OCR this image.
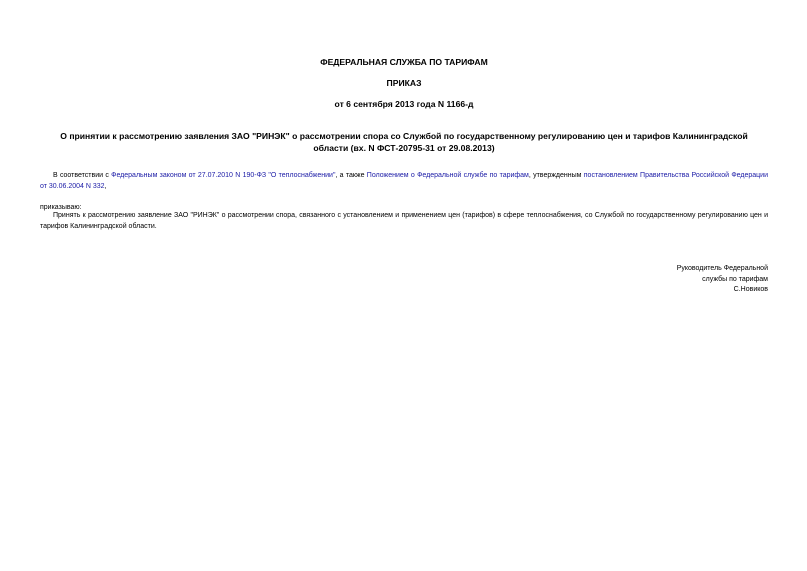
ФЕДЕРАЛЬНАЯ СЛУЖБА ПО ТАРИФАМ
ПРИКАЗ
от 6 сентября 2013 года N 1166-д
О принятии к рассмотрению заявления ЗАО "РИНЭК" о рассмотрении спора со Службой по государственному регулированию цен и тарифов Калининградской
области (вх. N ФСТ-20795-31 от 29.08.2013)
В соответствии с Федеральным законом от 27.07.2010 N 190-ФЗ "О теплоснабжении", а также Положением о Федеральной службе по тарифам, утвержденным постановлением Правительства Российской Федерации от 30.06.2004 N 332,
приказываю:
Принять к рассмотрению заявление ЗАО "РИНЭК" о рассмотрении спора, связанного с установлением и применением цен (тарифов) в сфере теплоснабжения, со Службой по государственному регулированию цен и тарифов Калининградской области.
Руководитель Федеральной
службы по тарифам
С.Новиков
